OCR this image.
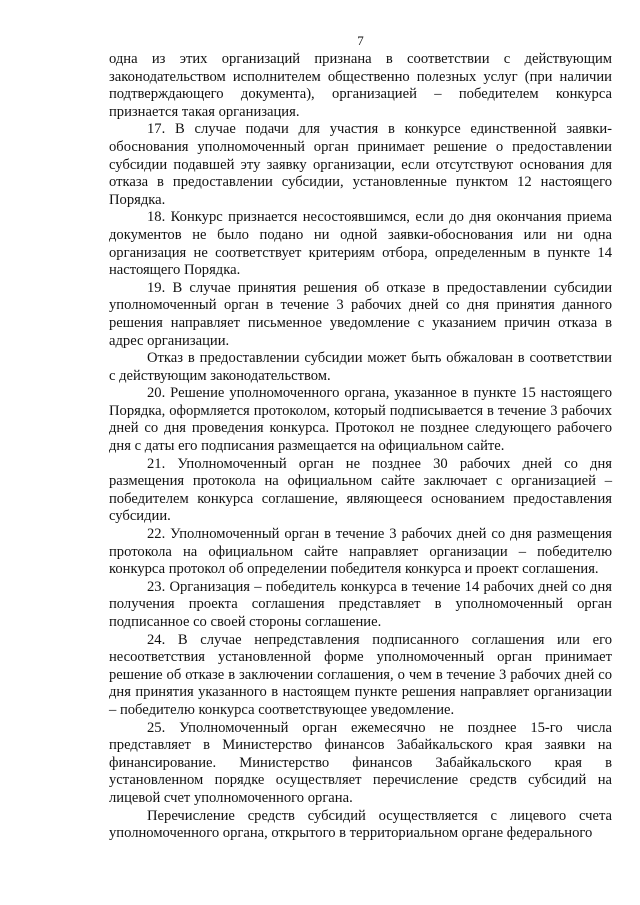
7

одна из этих организаций признана в соответствии с действующим законодательством исполнителем общественно полезных услуг (при наличии подтверждающего документа), организацией – победителем конкурса признается такая организация.

17. В случае подачи для участия в конкурсе единственной заявки-обоснования уполномоченный орган принимает решение о предоставлении субсидии подавшей эту заявку организации, если отсутствуют основания для отказа в предоставлении субсидии, установленные пунктом 12 настоящего Порядка.

18. Конкурс признается несостоявшимся, если до дня окончания приема документов не было подано ни одной заявки-обоснования или ни одна организация не соответствует критериям отбора, определенным в пункте 14 настоящего Порядка.

19. В случае принятия решения об отказе в предоставлении субсидии уполномоченный орган в течение 3 рабочих дней со дня принятия данного решения направляет письменное уведомление с указанием причин отказа в адрес организации.

Отказ в предоставлении субсидии может быть обжалован в соответствии с действующим законодательством.

20. Решение уполномоченного органа, указанное в пункте 15 настоящего Порядка, оформляется протоколом, который подписывается в течение 3 рабочих дней со дня проведения конкурса. Протокол не позднее следующего рабочего дня с даты его подписания размещается на официальном сайте.

21. Уполномоченный орган не позднее 30 рабочих дней со дня размещения протокола на официальном сайте заключает с организацией – победителем конкурса соглашение, являющееся основанием предоставления субсидии.

22. Уполномоченный орган в течение 3 рабочих дней со дня размещения протокола на официальном сайте направляет организации – победителю конкурса протокол об определении победителя конкурса и проект соглашения.

23. Организация – победитель конкурса в течение 14 рабочих дней со дня получения проекта соглашения представляет в уполномоченный орган подписанное со своей стороны соглашение.

24. В случае непредставления подписанного соглашения или его несоответствия установленной форме уполномоченный орган принимает решение об отказе в заключении соглашения, о чем в течение 3 рабочих дней со дня принятия указанного в настоящем пункте решения направляет организации – победителю конкурса соответствующее уведомление.

25. Уполномоченный орган ежемесячно не позднее 15-го числа представляет в Министерство финансов Забайкальского края заявки на финансирование. Министерство финансов Забайкальского края в установленном порядке осуществляет перечисление средств субсидий на лицевой счет уполномоченного органа.

Перечисление средств субсидий осуществляется с лицевого счета уполномоченного органа, открытого в территориальном органе федерального
